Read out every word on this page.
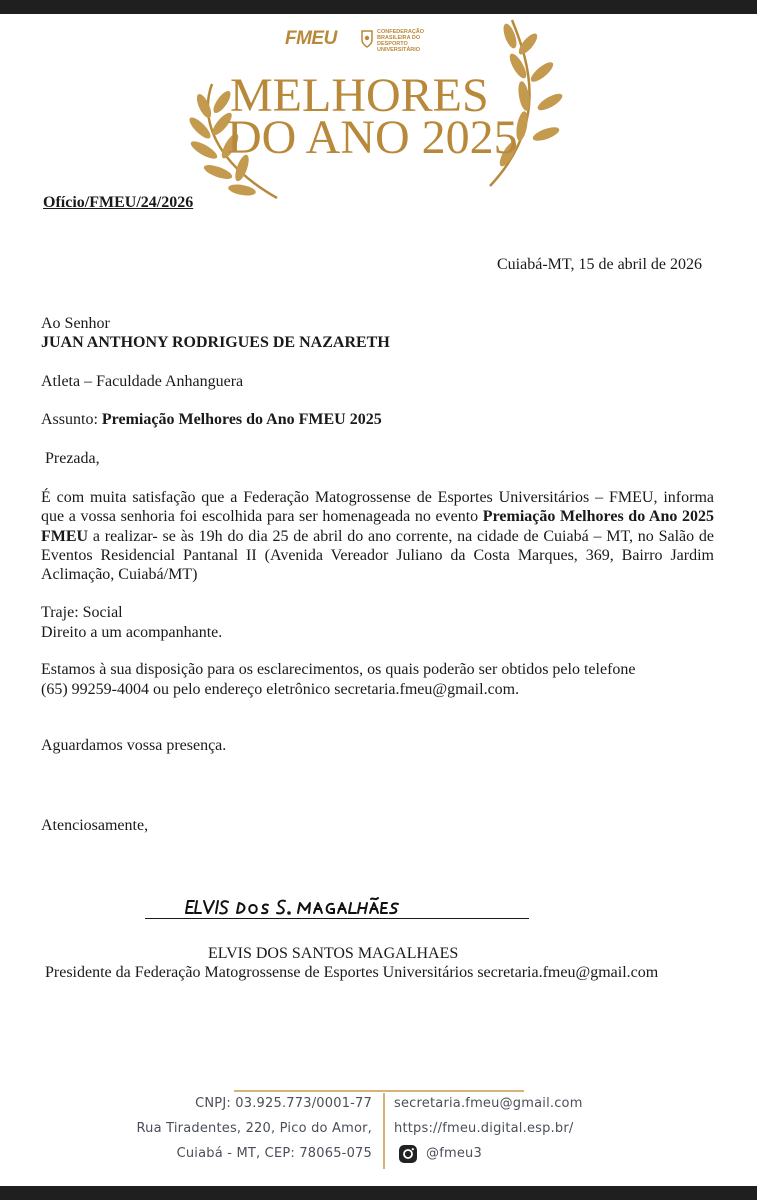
FMEU	CONFEDERAÇÃO BRASILEIRA DO DESPORTO UNIVERSITÁRIO
MELHORES
DO ANO 2025
Ofício/FMEU/24/2026
Cuiabá-MT, 15 de abril de 2026
Ao Senhor
JUAN ANTHONY RODRIGUES DE NAZARETH
Atleta – Faculdade Anhanguera
Assunto: Premiação Melhores do Ano FMEU 2025
Prezada,
É com muita satisfação que a Federação Matogrossense de Esportes Universitários – FMEU, informa que a vossa senhoria foi escolhida para ser homenageada no evento Premiação Melhores do Ano 2025 FMEU a realizar- se às 19h do dia 25 de abril do ano corrente, na cidade de Cuiabá – MT, no Salão de Eventos Residencial Pantanal II (Avenida Vereador Juliano da Costa Marques, 369, Bairro Jardim Aclimação, Cuiabá/MT)
Traje: Social
Direito a um acompanhante.
Estamos à sua disposição para os esclarecimentos, os quais poderão ser obtidos pelo telefone
(65) 99259-4004 ou pelo endereço eletrônico secretaria.fmeu@gmail.com.
Aguardamos vossa presença.
Atenciosamente,
ELVIS DOS SANTOS MAGALHAES
Presidente da Federação Matogrossense de Esportes Universitários secretaria.fmeu@gmail.com
CNPJ: 03.925.773/0001-77
Rua Tiradentes, 220, Pico do Amor,
Cuiabá - MT, CEP: 78065-075
secretaria.fmeu@gmail.com
https://fmeu.digital.esp.br/
@fmeu3
